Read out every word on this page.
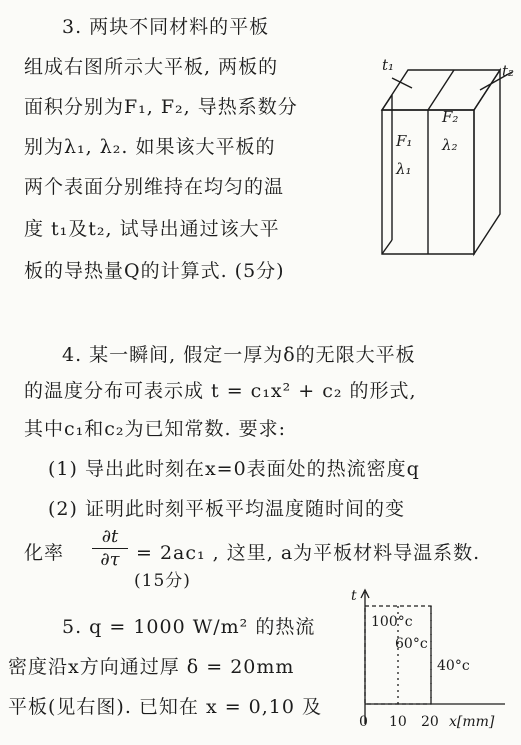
3. 两块不同材料的平板
组成右图所示大平板, 两板的
面积分别为F₁, F₂, 导热系数分
别为λ₁, λ₂. 如果该大平板的
两个表面分别维持在均匀的温
度 t₁及t₂, 试导出通过该大平
板的导热量Q的计算式. (5分)
t₁	t₂
F₁
λ₁
F₂
λ₂
4. 某一瞬间, 假定一厚为δ的无限大平板
的温度分布可表示成 t = c₁x² + c₂ 的形式,
其中c₁和c₂为已知常数. 要求:
(1) 导出此时刻在x=0表面处的热流密度q
(2) 证明此时刻平板平均温度随时间的变
化率 $\frac{\partial t}{\partial\tau} = 2ac_1$ , 这里, a为平板材料导温系数.
(15分)
5. q = 1000 W/m² 的热流
密度沿x方向通过厚 δ = 20mm
平板(见右图). 已知在 x = 0,10 及
t
100°c
60°c
40°c
0 10 20 x[mm]
